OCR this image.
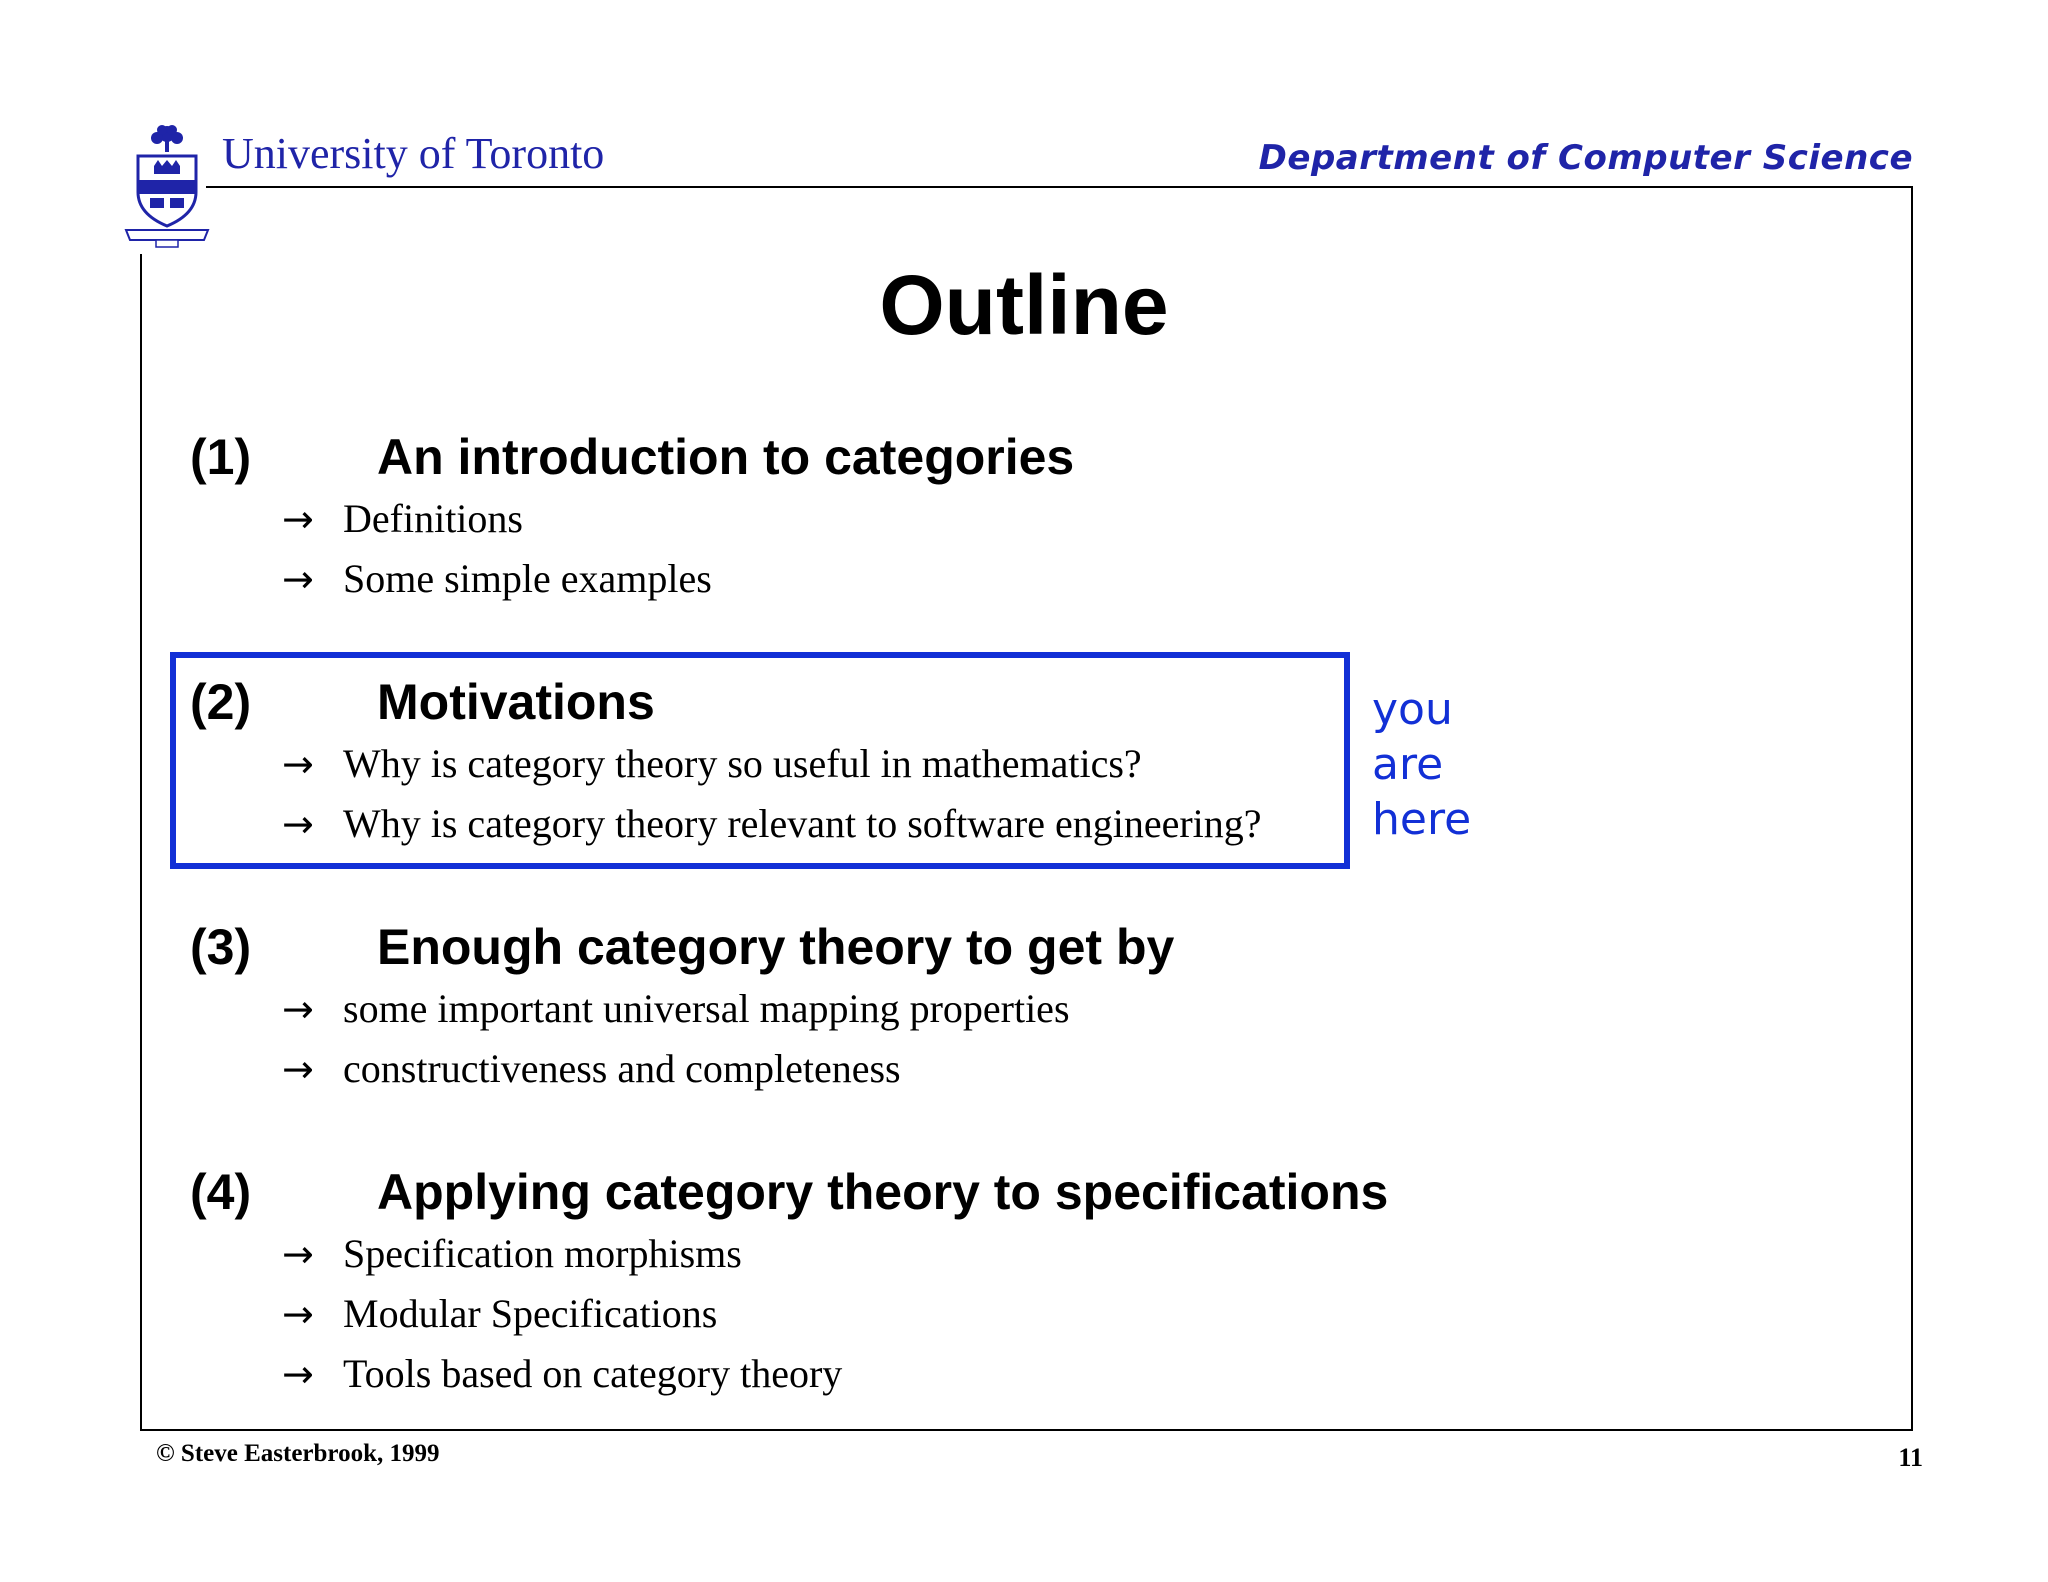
University of Toronto	Department of Computer Science
Outline
(1)	An introduction to categories
→ Definitions
→ Some simple examples
(2)	Motivations
→ Why is category theory so useful in mathematics?
→ Why is category theory relevant to software engineering?
you
are
here
(3)	Enough category theory to get by
→ some important universal mapping properties
→ constructiveness and completeness
(4)	Applying category theory to specifications
→ Specification morphisms
→ Modular Specifications
→ Tools based on category theory
© Steve Easterbrook, 1999	11
